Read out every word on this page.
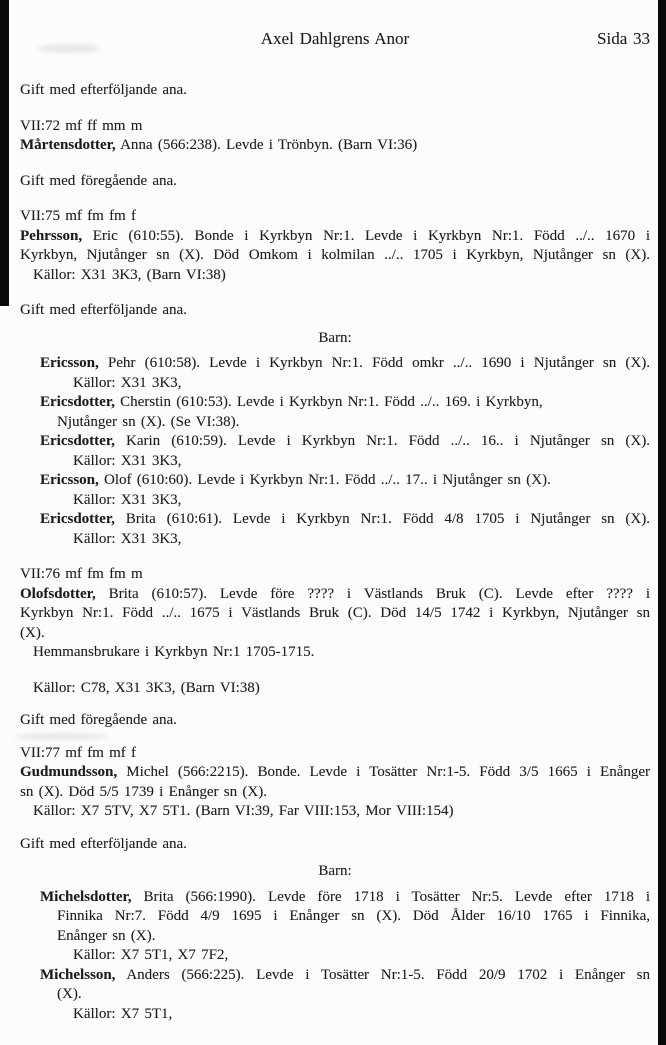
Axel Dahlgrens Anor	Sida 33
Gift med efterföljande ana.
VII:72 mf ff mm m
Mårtensdotter, Anna (566:238). Levde i Trönbyn. (Barn VI:36)
Gift med föregående ana.
VII:75 mf fm fm f
Pehrsson, Eric (610:55). Bonde i Kyrkbyn Nr:1. Levde i Kyrkbyn Nr:1. Född ../.. 1670 i
Kyrkbyn, Njutånger sn (X). Död Omkom i kolmilan ../.. 1705 i Kyrkbyn, Njutånger sn (X).
Källor: X31 3K3, (Barn VI:38)
Gift med efterföljande ana.
Barn:
Ericsson, Pehr (610:58). Levde i Kyrkbyn Nr:1. Född omkr ../.. 1690 i Njutånger sn (X).
Källor: X31 3K3,
Ericsdotter, Cherstin (610:53). Levde i Kyrkbyn Nr:1. Född ../.. 169. i Kyrkbyn,
Njutånger sn (X). (Se VI:38).
Ericsdotter, Karin (610:59). Levde i Kyrkbyn Nr:1. Född ../.. 16.. i Njutånger sn (X).
Källor: X31 3K3,
Ericsson, Olof (610:60). Levde i Kyrkbyn Nr:1. Född ../.. 17.. i Njutånger sn (X).
Källor: X31 3K3,
Ericsdotter, Brita (610:61). Levde i Kyrkbyn Nr:1. Född 4/8 1705 i Njutånger sn (X).
Källor: X31 3K3,
VII:76 mf fm fm m
Olofsdotter, Brita (610:57). Levde före ???? i Västlands Bruk (C). Levde efter ???? i
Kyrkbyn Nr:1. Född ../.. 1675 i Västlands Bruk (C). Död 14/5 1742 i Kyrkbyn, Njutånger sn
(X).
Hemmansbrukare i Kyrkbyn Nr:1 1705-1715.
Källor: C78, X31 3K3, (Barn VI:38)
Gift med föregående ana.
VII:77 mf fm mf f
Gudmundsson, Michel (566:2215). Bonde. Levde i Tosätter Nr:1-5. Född 3/5 1665 i Enånger
sn (X). Död 5/5 1739 i Enånger sn (X).
Källor: X7 5TV, X7 5T1. (Barn VI:39, Far VIII:153, Mor VIII:154)
Gift med efterföljande ana.
Barn:
Michelsdotter, Brita (566:1990). Levde före 1718 i Tosätter Nr:5. Levde efter 1718 i
Finnika Nr:7. Född 4/9 1695 i Enånger sn (X). Död Ålder 16/10 1765 i Finnika,
Enånger sn (X).
Källor: X7 5T1, X7 7F2,
Michelsson, Anders (566:225). Levde i Tosätter Nr:1-5. Född 20/9 1702 i Enånger sn
(X).
Källor: X7 5T1,
